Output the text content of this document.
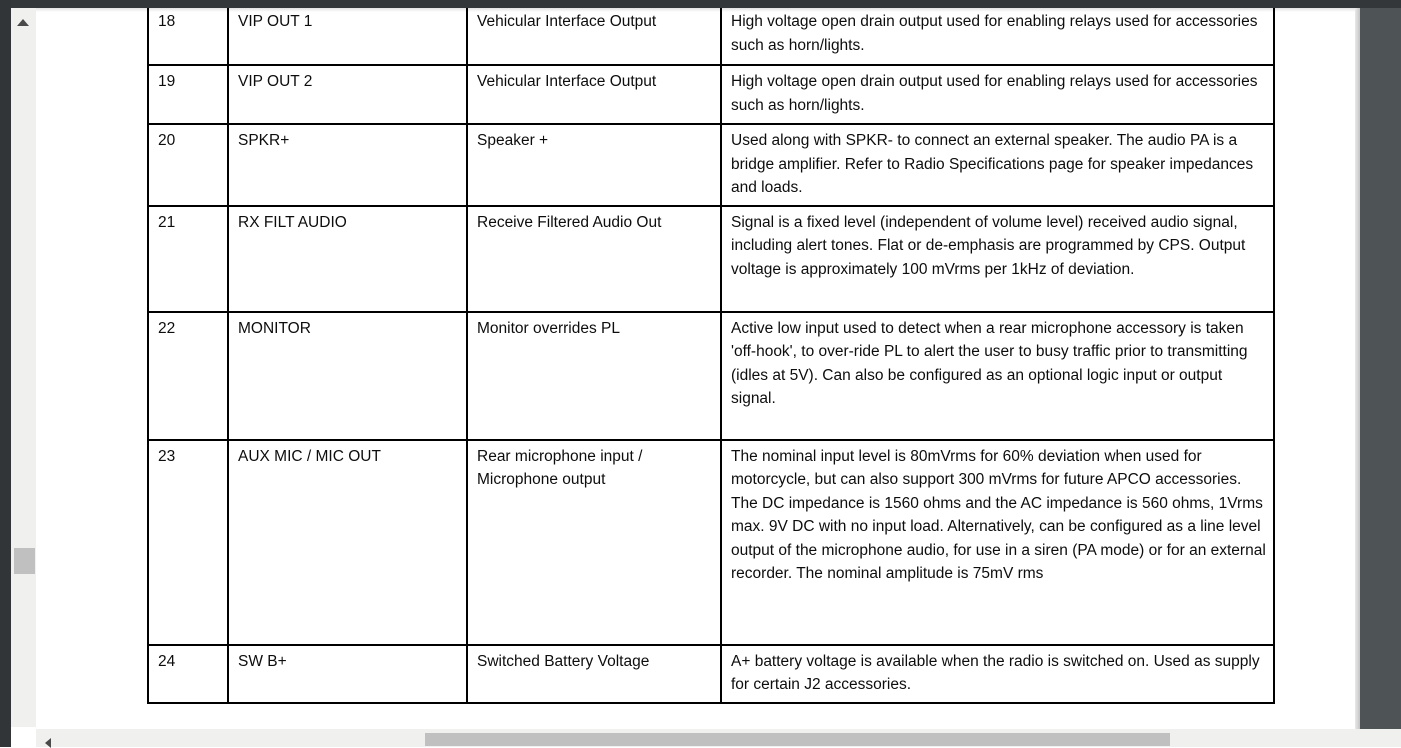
18	VIP OUT 1	Vehicular Interface Output	High voltage open drain output used for enabling relays used for accessories such as horn/lights.
19	VIP OUT 2	Vehicular Interface Output	High voltage open drain output used for enabling relays used for accessories such as horn/lights.
20	SPKR+	Speaker +	Used along with SPKR- to connect an external speaker. The audio PA is a bridge amplifier. Refer to Radio Specifications page for speaker impedances and loads.
21	RX FILT AUDIO	Receive Filtered Audio Out	Signal is a fixed level (independent of volume level) received audio signal, including alert tones. Flat or de-emphasis are programmed by CPS. Output voltage is approximately 100 mVrms per 1kHz of deviation.
22	MONITOR	Monitor overrides PL	Active low input used to detect when a rear microphone accessory is taken 'off-hook', to over-ride PL to alert the user to busy traffic prior to transmitting (idles at 5V). Can also be configured as an optional logic input or output signal.
23	AUX MIC / MIC OUT	Rear microphone input / Microphone output	The nominal input level is 80mVrms for 60% deviation when used for motorcycle, but can also support 300 mVrms for future APCO accessories. The DC impedance is 1560 ohms and the AC impedance is 560 ohms, 1Vrms max. 9V DC with no input load. Alternatively, can be configured as a line level output of the microphone audio, for use in a siren (PA mode) or for an external recorder. The nominal amplitude is 75mV rms
24	SW B+	Switched Battery Voltage	A+ battery voltage is available when the radio is switched on. Used as supply for certain J2 accessories.
